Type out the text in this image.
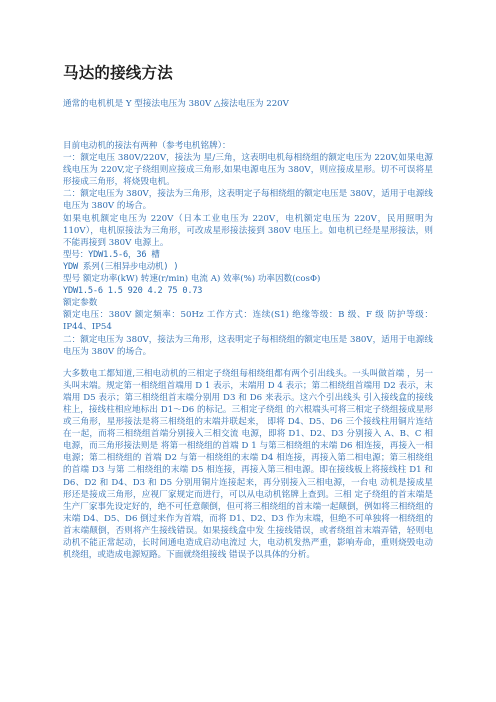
马达的接线方法
通常的电机机是 Y 型接法电压为 380V △接法电压为 220V

目前电动机的接法有两种（参考电机铭牌）：

一：额定电压 380V/220V，接法为 星/三角，这表明电机每相绕组的额定电压为 220V,如果电源线电压为 220V,定子绕组则应接成三角形,如果电源电压为 380V，则应接成星形。切不可误将星形接成三角形，将烧毁电机。

二：额定电压为 380V，接法为三角形，这表明定子每相绕组的额定电压是 380V，适用于电源线电压为 380V 的场合。

如果电机额定电压为 220V（日本工业电压为 220V，电机额定电压为 220V，民用照明为 110V），电机原接法为三角形，可改成星形接法接到 380V 电压上。如电机已经是星形接法，则不能再接到 380V 电源上。

型号：YDW1.5-6，36 槽

YDW 系列(三相异步电动机) )

型号 额定功率(kW) 转速(r/min) 电流 A) 效率(%) 功率因数(cosΦ)

YDW1.5-6 1.5 920 4.2 75 0.73

额定参数

额定电压：380V 额定频率：50Hz 工作方式：连续(S1) 绝缘等级：B 级、F 级 防护等级：IP44、IP54

二：额定电压为 380V，接法为三角形，这表明定子每相绕组的额定电压是 380V，适用于电源线电压为 380V 的场合。

大多数电工都知道,三相电动机的三相定子绕组每相绕组都有两个引出线头。一头叫做首端 ，另一头叫末端。规定第一相绕组首端用 D 1 表示，末端用 D 4 表示；第二相绕组首端用 D2 表示，末端用 D5 表示；第三相绕组首末端分别用 D3 和 D6 来表示。这六个引出线头 引入接线盒的接线柱上，接线柱相应地标出 D1～D6 的标记。三相定子绕组 的六根端头可将三相定子绕组接成星形或三角形，星形接法是将三相绕组的末端并联起来， 即将 D4、D5、D6 三个接线柱用铜片连结在一起，而将三相绕组首端分别接入三相交流 电源，即将 D1、D2、D3 分别接入 A、B、C 相电源，而三角形接法则是 将第一相绕组的首端 D 1 与第三相绕组的末端 D6 相连接，再接入一相电源；第二相绕组的 首端 D2 与第一相绕组的末端 D4 相连接，再接入第二相电源；第三相绕组的首端 D3 与第 二相绕组的末端 D5 相连接，再接入第三相电源。即在接线板上将接线柱 D1 和 D6、D2 和 D4、D3 和 D5 分别用铜片连接起来，再分别接入三相电源，一台电 动机是接成星形还是接成三角形，应视厂家规定而进行，可以从电动机铭牌上查到。三相 定子绕组的首末端是生产厂家事先设定好的，绝不可任意颠倒，但可将三相绕组的首末端一起颠倒，例如将三相绕组的末端 D4、D5、D6 倒过来作为首端，而将 D1、D2、D3 作为末端，但绝不可单独将一相绕组的首末端颠倒，否则将产生接线错误。如果接线盒中发 生接线错误，或者绕组首末端弄错，轻则电动机不能正常起动，长时间通电造成启动电流过 大，电动机发热严重，影响寿命，重则烧毁电动机绕组，或造成电源短路。下面就绕组接线 错误予以具体的分析。
